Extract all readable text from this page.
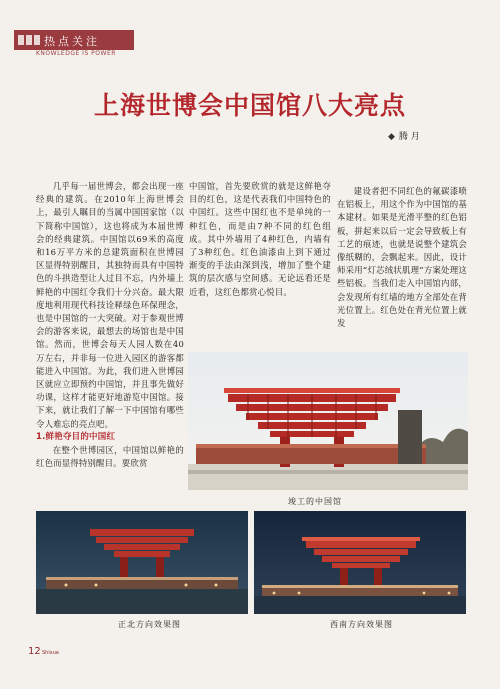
热点关注
KNOWLEDGE IS POWER
上海世博会中国馆八大亮点
◆ 腾 月

几乎每一届世博会，都会出现一座经典的建筑。在2010年上海世博会上，最引人瞩目的当属中国国家馆（以下简称中国馆），这也将成为本届世博会的经典建筑。中国馆以69米的高度和16万平方米的总建筑面积在世博园区显得特别醒目，其独特而具有中国特色的斗拱造型让人过目不忘，内外墙上鲜艳的中国红令我们十分兴奋。最大限度地利用现代科技诠释绿色环保理念，也是中国馆的一大突破。对于参观世博会的游客来说，最想去的场馆也是中国馆。然而，世博会每天人园人数在40万左右，并非每一位进入园区的游客都能进入中国馆。为此，我们进入世博园区就应立即预约中国馆，并且事先做好功课，这样才能更好地游览中国馆。接下来，就让我们了解一下中国馆有哪些令人难忘的亮点吧。

1.鲜艳夺目的中国红

在整个世博园区，中国馆以鲜艳的红色而显得特别醒目。要欣赏

中国馆，首先要欣赏的就是这鲜艳夺目的红色，这是代表我们中国特色的中国红。这些中国红也不是单纯的一种红色，而是由7种不同的红色组成。其中外墙用了4种红色，内墙有了3种红色。红色油漆由上到下通过渐变的手法由深到浅，增加了整个建筑的层次感与空间感。无论远看还是近看，这红色都赏心悦目。

建设者把不同红色的氟碳漆喷在铝板上，用这个作为中国馆的基本建材。如果是光滑平整的红色铝板，拼起来以后一定会导致板上有工艺的痕迹，也就是说整个建筑会像纸糊的，会飘起来。因此，设计师采用“灯芯绒状肌理”方案处理这些铝板。当我们走入中国馆内部，会发现所有红墙的地方全部处在背光位置上。红色处在背光位置上就发

竣工的中国馆
正北方向效果图	西南方向效果图
12 Shixue
